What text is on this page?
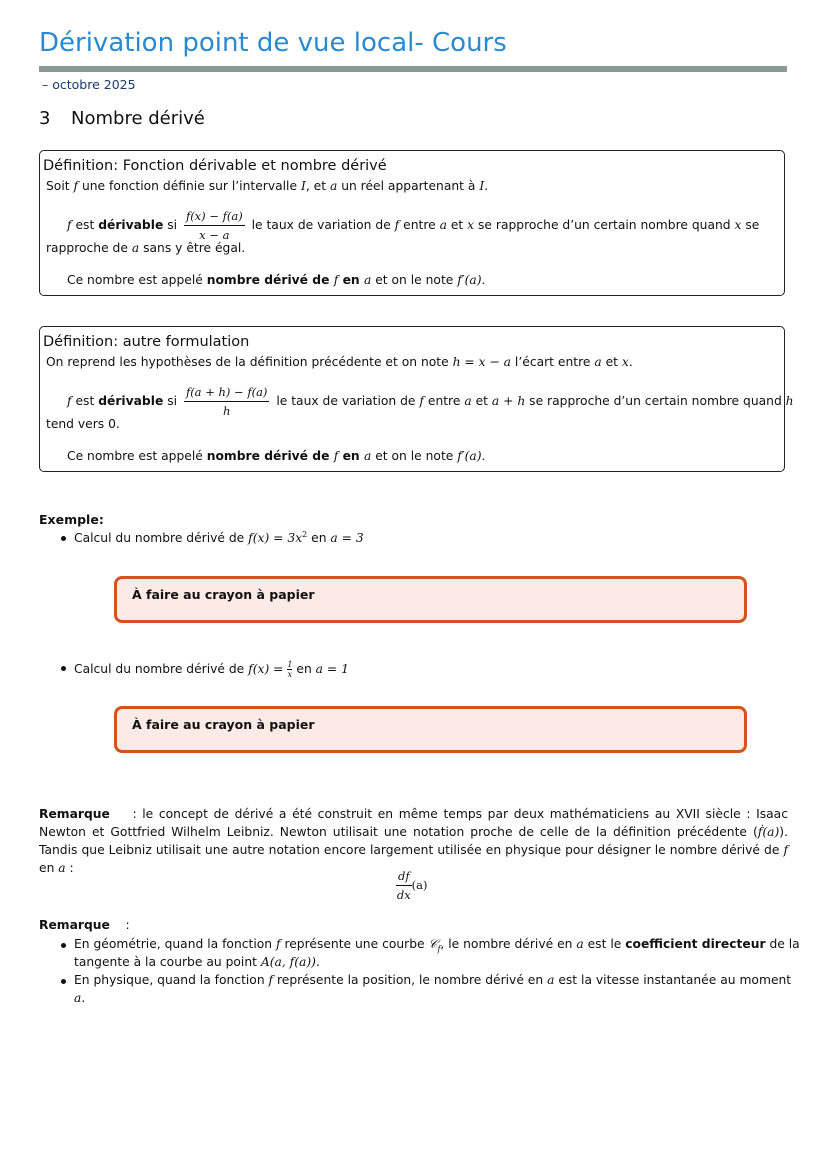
Dérivation point de vue local- Cours
– octobre 2025
3 Nombre dérivé
Définition: Fonction dérivable et nombre dérivé
Soit f une fonction définie sur l’intervalle I, et a un réel appartenant à I.
f est dérivable si $\frac{f(x) - f(a)}{x - a}$ le taux de variation de f entre a et x se rapproche d’un certain nombre quand x se
rapproche de a sans y être égal.
Ce nombre est appelé nombre dérivé de f en a et on le note f′(a).
Définition: autre formulation
On reprend les hypothèses de la définition précédente et on note h = x − a l’écart entre a et x.
f est dérivable si $\frac{f(a + h) - f(a)}{h}$ le taux de variation de f entre a et a + h se rapproche d’un certain nombre quand h
tend vers 0.
Ce nombre est appelé nombre dérivé de f en a et on le note f′(a).
Exemple:
Calcul du nombre dérivé de $f(x) = 3x^2$ en a = 3
À faire au crayon à papier
Calcul du nombre dérivé de $f(x) = \frac{1}{x}$ en a = 1
À faire au crayon à papier
Remarque    : le concept de dérivé a été construit en même temps par deux mathématiciens au XVII siècle : Isaac Newton et Gottfried Wilhelm Leibniz. Newton utilisait une notation proche de celle de la définition précédente (ḟ(a)). Tandis que Leibniz utilisait une autre notation encore largement utilisée en physique pour désigner le nombre dérivé de f en a :
$\frac{df}{dx} (a)$
Remarque    :
En géométrie, quand la fonction f représente une courbe 𝒞$_f$, le nombre dérivé en a est le coefficient directeur de la
tangente à la courbe au point A(a, f(a)).
En physique, quand la fonction f représente la position, le nombre dérivé en a est la vitesse instantanée au moment
a.
